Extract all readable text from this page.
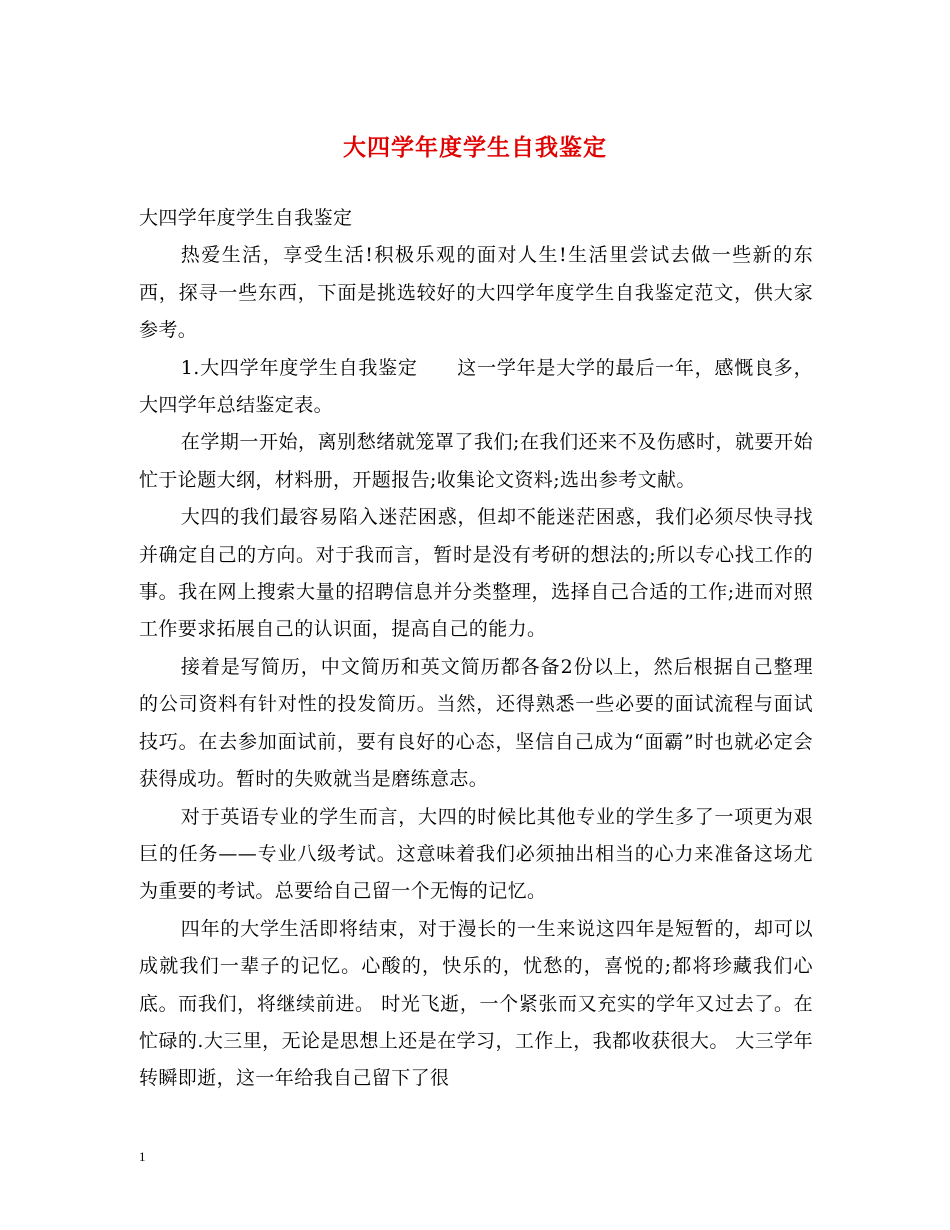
大四学年度学生自我鉴定

大四学年度学生自我鉴定

热爱生活，享受生活!积极乐观的面对人生!生活里尝试去做一些新的东西，探寻一些东西，下面是挑选较好的大四学年度学生自我鉴定范文，供大家参考。

1.大四学年度学生自我鉴定　　这一学年是大学的最后一年，感慨良多，大四学年总结鉴定表。

在学期一开始，离别愁绪就笼罩了我们;在我们还来不及伤感时，就要开始忙于论题大纲，材料册，开题报告;收集论文资料;选出参考文献。

大四的我们最容易陷入迷茫困惑，但却不能迷茫困惑，我们必须尽快寻找并确定自己的方向。对于我而言，暂时是没有考研的想法的;所以专心找工作的事。我在网上搜索大量的招聘信息并分类整理，选择自己合适的工作;进而对照工作要求拓展自己的认识面，提高自己的能力。

接着是写简历，中文简历和英文简历都各备2份以上，然后根据自己整理的公司资料有针对性的投发简历。当然，还得熟悉一些必要的面试流程与面试技巧。在去参加面试前，要有良好的心态，坚信自己成为“面霸”时也就必定会获得成功。暂时的失败就当是磨练意志。

对于英语专业的学生而言，大四的时候比其他专业的学生多了一项更为艰巨的任务——专业八级考试。这意味着我们必须抽出相当的心力来准备这场尤为重要的考试。总要给自己留一个无悔的记忆。

四年的大学生活即将结束，对于漫长的一生来说这四年是短暂的，却可以成就我们一辈子的记忆。心酸的，快乐的，忧愁的，喜悦的;都将珍藏我们心底。而我们，将继续前进。 时光飞逝，一个紧张而又充实的学年又过去了。在忙碌的.大三里，无论是思想上还是在学习，工作上，我都收获很大。 大三学年转瞬即逝，这一年给我自己留下了很

1
